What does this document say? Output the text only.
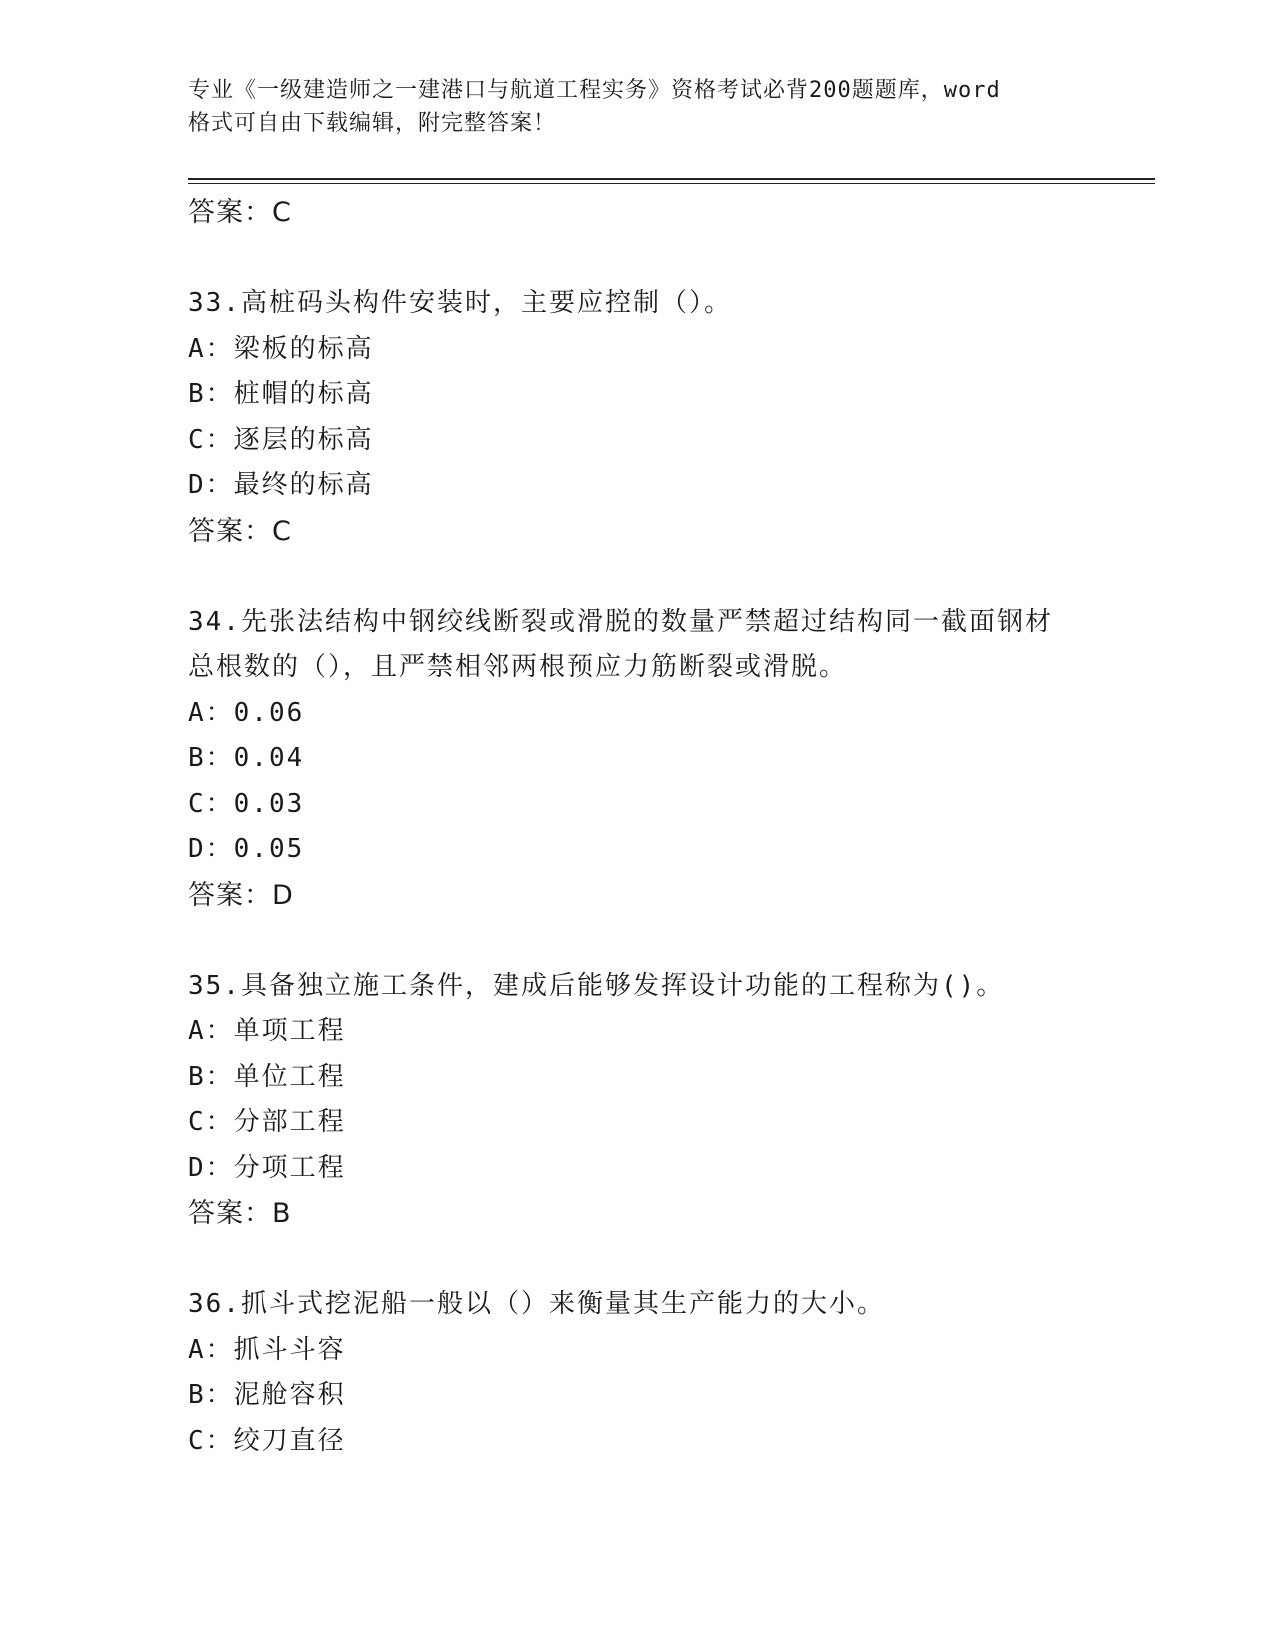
专业《一级建造师之一建港口与航道工程实务》资格考试必背200题题库，word
格式可自由下载编辑，附完整答案！
答案：C
33.高桩码头构件安装时，主要应控制（）。
A：梁板的标高
B：桩帽的标高
C：逐层的标高
D：最终的标高
答案：C
34.先张法结构中钢绞线断裂或滑脱的数量严禁超过结构同一截面钢材
总根数的（），且严禁相邻两根预应力筋断裂或滑脱。
A：0.06
B：0.04
C：0.03
D：0.05
答案：D
35.具备独立施工条件，建成后能够发挥设计功能的工程称为()。
A：单项工程
B：单位工程
C：分部工程
D：分项工程
答案：B
36.抓斗式挖泥船一般以（）来衡量其生产能力的大小。
A：抓斗斗容
B：泥舱容积
C：绞刀直径
